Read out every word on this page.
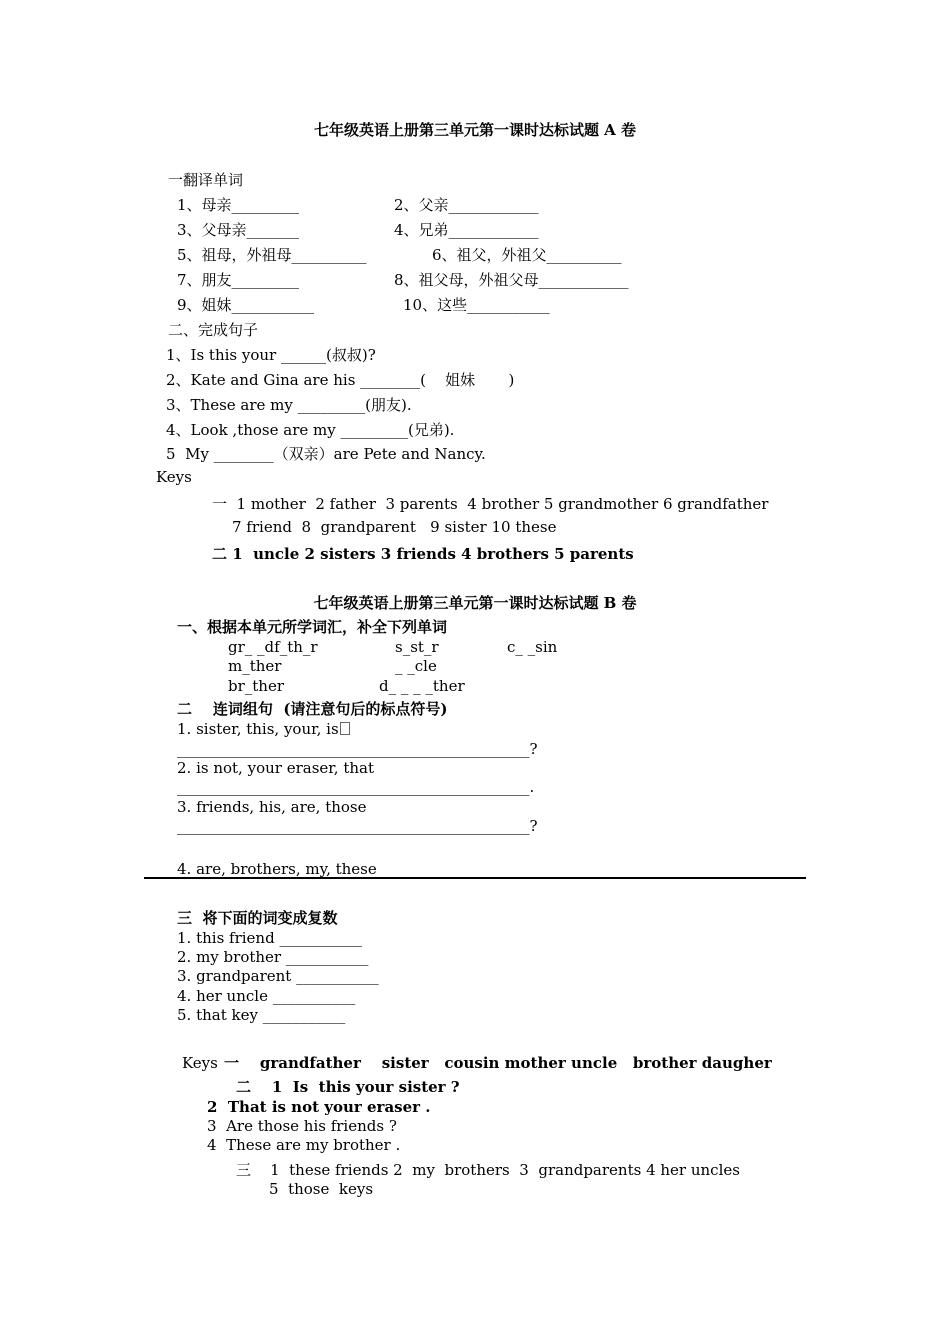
七年级英语上册第三单元第一课时达标试题 A 卷
一翻译单词
1、母亲_________	2、父亲____________
3、父母亲_______	4、兄弟____________
5、祖母，外祖母__________	6、祖父，外祖父__________
7、朋友_________	8、祖父母，外祖父母____________
9、姐妹___________	10、这些___________
二、完成句子
1、Is this your ______(叔叔)?
2、Kate and Gina are his ________(    姐妹       )
3、These are my _________(朋友).
4、Look ,those are my _________(兄弟).
5  My ________（双亲）are Pete and Nancy.
Keys
一  1 mother  2 father  3 parents  4 brother 5 grandmother 6 grandfather
7 friend  8  grandparent   9 sister 10 these
二 1  uncle 2 sisters 3 friends 4 brothers 5 parents
七年级英语上册第三单元第一课时达标试题 B 卷
一、根据本单元所学词汇，补全下列单词
gr_ _df_th_r	s_st_r	c_ _sin
m_ther	_ _cle
br_ther	d_ _ _ _ther
二    连词组句  (请注意句后的标点符号)
1. sister, this, your, is
_______________________________________________?
2. is not, your eraser, that
_______________________________________________.
3. friends, his, are, those
_______________________________________________?
4. are, brothers, my, these
三  将下面的词变成复数
1. this friend ___________
2. my brother ___________
3. grandparent ___________
4. her uncle ___________
5. that key ___________
Keys 一    grandfather    sister   cousin mother uncle   brother daugher
二    1  Is  this your sister ?
2  That is not your eraser .
3  Are those his friends ?
4  These are my brother .
三    1  these friends 2  my  brothers  3  grandparents 4 her uncles
5  those  keys
